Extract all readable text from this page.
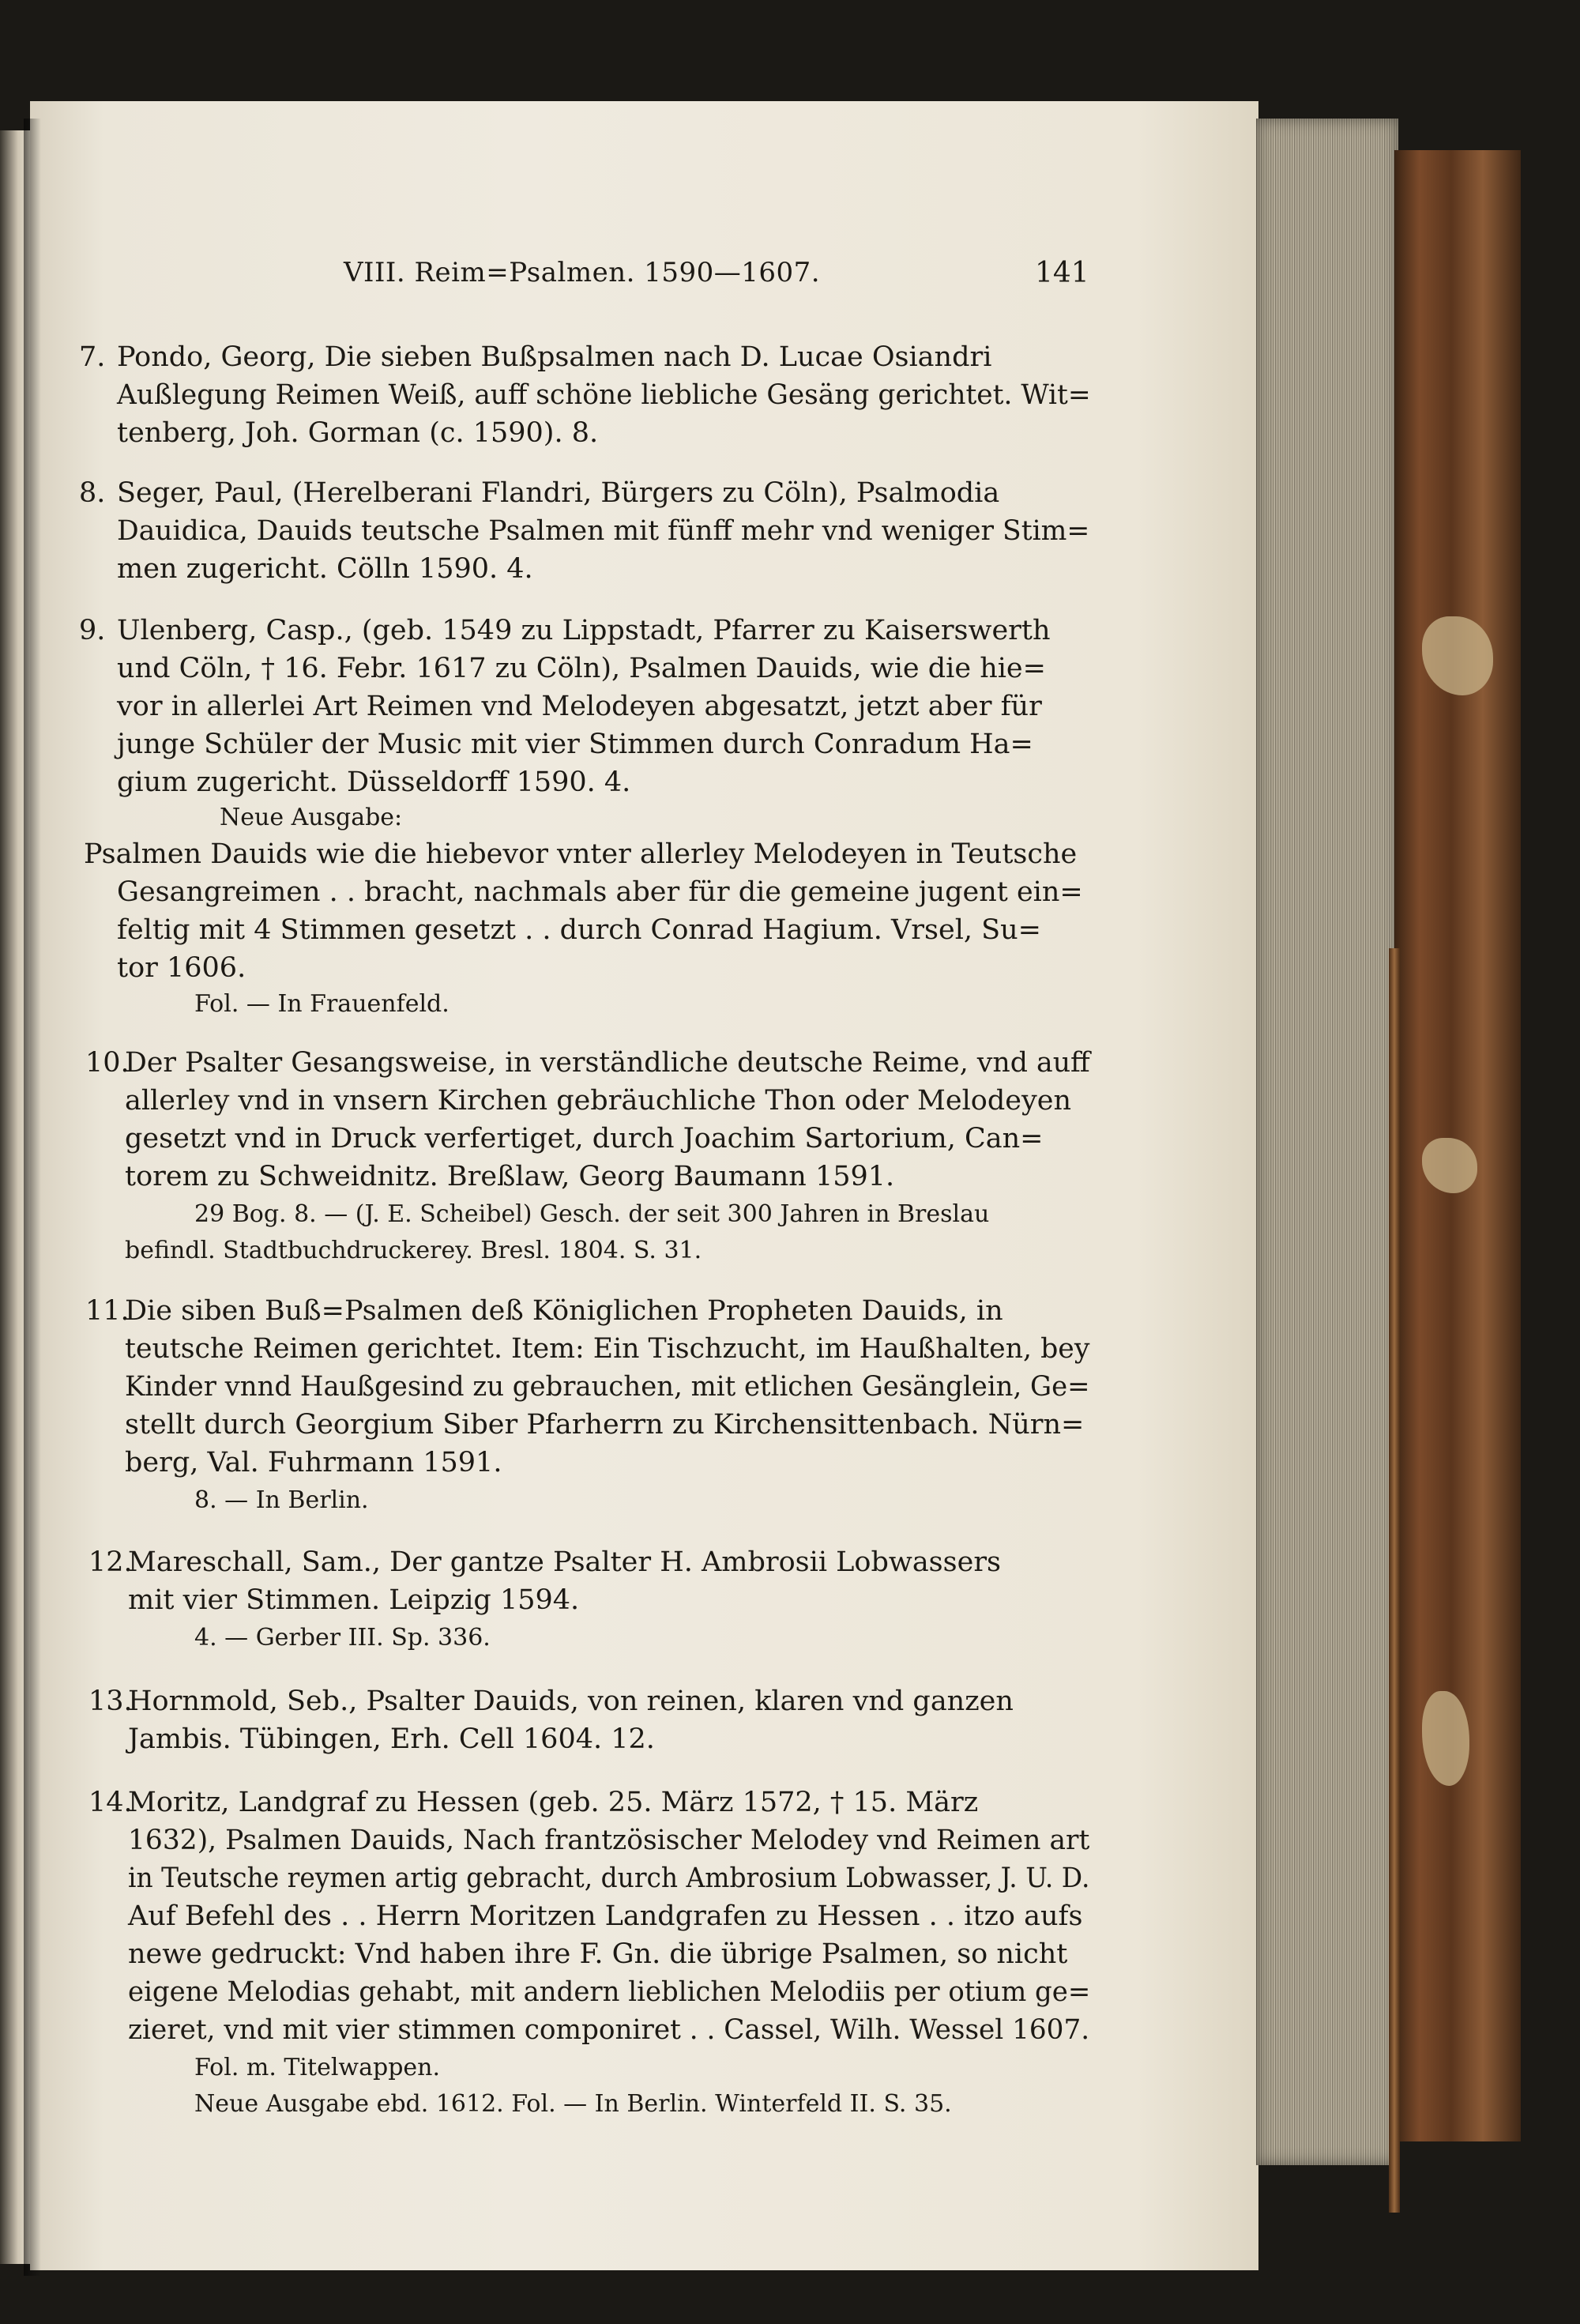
VIII. Reim=Psalmen. 1590—1607.	141
7. Pondo, Georg, Die sieben Bußpsalmen nach D. Lucae Osiandri
Außlegung Reimen Weiß, auff schöne liebliche Gesäng gerichtet. Wit=
tenberg, Joh. Gorman (c. 1590). 8.
8. Seger, Paul, (Herelberani Flandri, Bürgers zu Cöln), Psalmodia
Dauidica, Dauids teutsche Psalmen mit fünff mehr vnd weniger Stim=
men zugericht. Cölln 1590. 4.
9. Ulenberg, Casp., (geb. 1549 zu Lippstadt, Pfarrer zu Kaiserswerth
und Cöln, † 16. Febr. 1617 zu Cöln), Psalmen Dauids, wie die hie=
vor in allerlei Art Reimen vnd Melodeyen abgesatzt, jetzt aber für
junge Schüler der Music mit vier Stimmen durch Conradum Ha=
gium zugericht. Düsseldorff 1590. 4.
Neue Ausgabe:
Psalmen Dauids wie die hiebevor vnter allerley Melodeyen in Teutsche
Gesangreimen . . bracht, nachmals aber für die gemeine jugent ein=
feltig mit 4 Stimmen gesetzt . . durch Conrad Hagium. Vrsel, Su=
tor 1606.
Fol. — In Frauenfeld.
10.
Der Psalter Gesangsweise, in verständliche deutsche Reime, vnd auff
allerley vnd in vnsern Kirchen gebräuchliche Thon oder Melodeyen
gesetzt vnd in Druck verfertiget, durch Joachim Sartorium, Can=
torem zu Schweidnitz. Breßlaw, Georg Baumann 1591.
29 Bog. 8. — (J. E. Scheibel) Gesch. der seit 300 Jahren in Breslau
befindl. Stadtbuchdruckerey. Bresl. 1804. S. 31.
11.
Die siben Buß=Psalmen deß Königlichen Propheten Dauids, in
teutsche Reimen gerichtet. Item: Ein Tischzucht, im Haußhalten, bey
Kinder vnnd Haußgesind zu gebrauchen, mit etlichen Gesänglein, Ge=
stellt durch Georgium Siber Pfarherrn zu Kirchensittenbach. Nürn=
berg, Val. Fuhrmann 1591.
8. — In Berlin.
12.
Mareschall, Sam., Der gantze Psalter H. Ambrosii Lobwassers
mit vier Stimmen. Leipzig 1594.
4. — Gerber III. Sp. 336.
13.
Hornmold, Seb., Psalter Dauids, von reinen, klaren vnd ganzen
Jambis. Tübingen, Erh. Cell 1604. 12.
14.
Moritz, Landgraf zu Hessen (geb. 25. März 1572, † 15. März
1632), Psalmen Dauids, Nach frantzösischer Melodey vnd Reimen art
in Teutsche reymen artig gebracht, durch Ambrosium Lobwasser, J. U. D.
Auf Befehl des . . Herrn Moritzen Landgrafen zu Hessen . . itzo aufs
newe gedruckt: Vnd haben ihre F. Gn. die übrige Psalmen, so nicht
eigene Melodias gehabt, mit andern lieblichen Melodiis per otium ge=
zieret, vnd mit vier stimmen componiret . . Cassel, Wilh. Wessel 1607.
Fol. m. Titelwappen.
Neue Ausgabe ebd. 1612. Fol. — In Berlin. Winterfeld II. S. 35.
